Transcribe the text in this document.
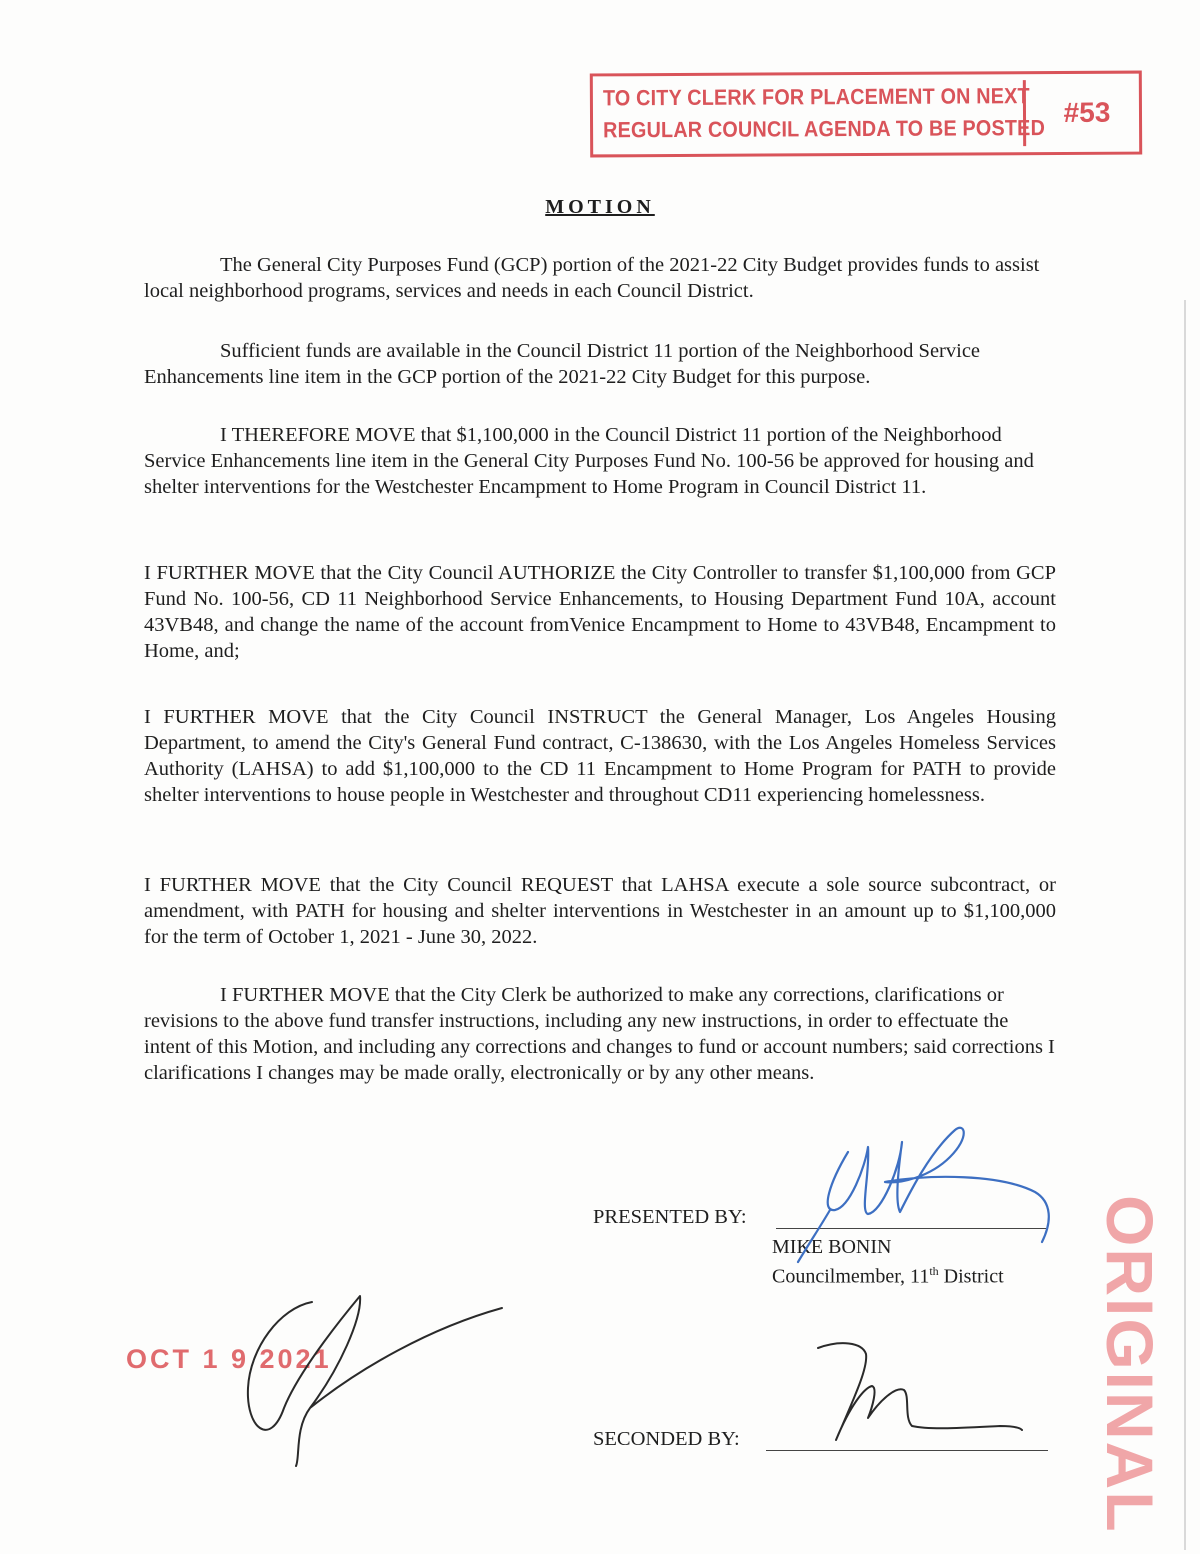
TO CITY CLERK FOR PLACEMENT ON NEXT
REGULAR COUNCIL AGENDA TO BE POSTED
#53
MOTION

The General City Purposes Fund (GCP) portion of the 2021-22 City Budget provides funds to assist local neighborhood programs, services and needs in each Council District.

Sufficient funds are available in the Council District 11 portion of the Neighborhood Service Enhancements line item in the GCP portion of the 2021-22 City Budget for this purpose.

I THEREFORE MOVE that $1,100,000 in the Council District 11 portion of the Neighborhood Service Enhancements line item in the General City Purposes Fund No. 100-56 be approved for housing and shelter interventions for the Westchester Encampment to Home Program in Council District 11.

I FURTHER MOVE that the City Council AUTHORIZE the City Controller to transfer $1,100,000 from GCP Fund No. 100-56, CD 11 Neighborhood Service Enhancements, to Housing Department Fund 10A, account 43VB48, and change the name of the account fromVenice Encampment to Home to 43VB48, Encampment to Home, and;

I FURTHER MOVE that the City Council INSTRUCT the General Manager, Los Angeles Housing Department, to amend the City's General Fund contract, C-138630, with the Los Angeles Homeless Services Authority (LAHSA) to add $1,100,000 to the CD 11 Encampment to Home Program for PATH to provide shelter interventions to house people in Westchester and throughout CD11 experiencing homelessness.

I FURTHER MOVE that the City Council REQUEST that LAHSA execute a sole source subcontract, or amendment, with PATH for housing and shelter interventions in Westchester in an amount up to $1,100,000 for the term of October 1, 2021 - June 30, 2022.

I FURTHER MOVE that the City Clerk be authorized to make any corrections, clarifications or revisions to the above fund transfer instructions, including any new instructions, in order to effectuate the intent of this Motion, and including any corrections and changes to fund or account numbers; said corrections I clarifications I changes may be made orally, electronically or by any other means.

PRESENTED BY:
MIKE BONIN
Councilmember, 11th District
SECONDED BY:
OCT 1 9 2021	ORIGINAL
